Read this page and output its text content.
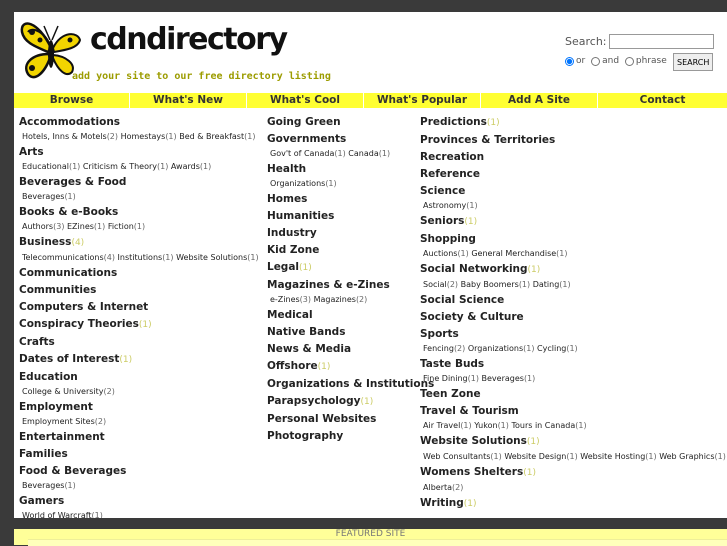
cdndirectory
add your site to our free directory listing
Search:
or and phrase	SEARCH
Browse	What's New	What's Cool	What's Popular	Add A Site	Contact
Accommodations
Hotels, Inns & Motels(2) Homestays(1) Bed & Breakfast(1)
Arts
Educational(1) Criticism & Theory(1) Awards(1)
Beverages & Food
Beverages(1)
Books & e-Books
Authors(3) EZines(1) Fiction(1)
Business(4)
Telecommunications(4) Institutions(1) Website Solutions(1)
Communications
Communities
Computers & Internet
Conspiracy Theories(1)
Crafts
Dates of Interest(1)
Education
College & University(2)
Employment
Employment Sites(2)
Entertainment
Families
Food & Beverages
Beverages(1)
Gamers
World of Warcraft(1)
Going Green
Governments
Gov't of Canada(1) Canada(1)
Health
Organizations(1)
Homes
Humanities
Industry
Kid Zone
Legal(1)
Magazines & e-Zines
e-Zines(3) Magazines(2)
Medical
Native Bands
News & Media
Offshore(1)
Organizations & Institutions
Parapsychology(1)
Personal Websites
Photography
Predictions(1)
Provinces & Territories
Recreation
Reference
Science
Astronomy(1)
Seniors(1)
Shopping
Auctions(1) General Merchandise(1)
Social Networking(1)
Social(2) Baby Boomers(1) Dating(1)
Social Science
Society & Culture
Sports
Fencing(2) Organizations(1) Cycling(1)
Taste Buds
Fine Dining(1) Beverages(1)
Teen Zone
Travel & Tourism
Air Travel(1) Yukon(1) Tours in Canada(1)
Website Solutions(1)
Web Consultants(1) Website Design(1) Website Hosting(1) Web Graphics(1)
Womens Shelters(1)
Alberta(2)
Writing(1)
FEATURED SITE
